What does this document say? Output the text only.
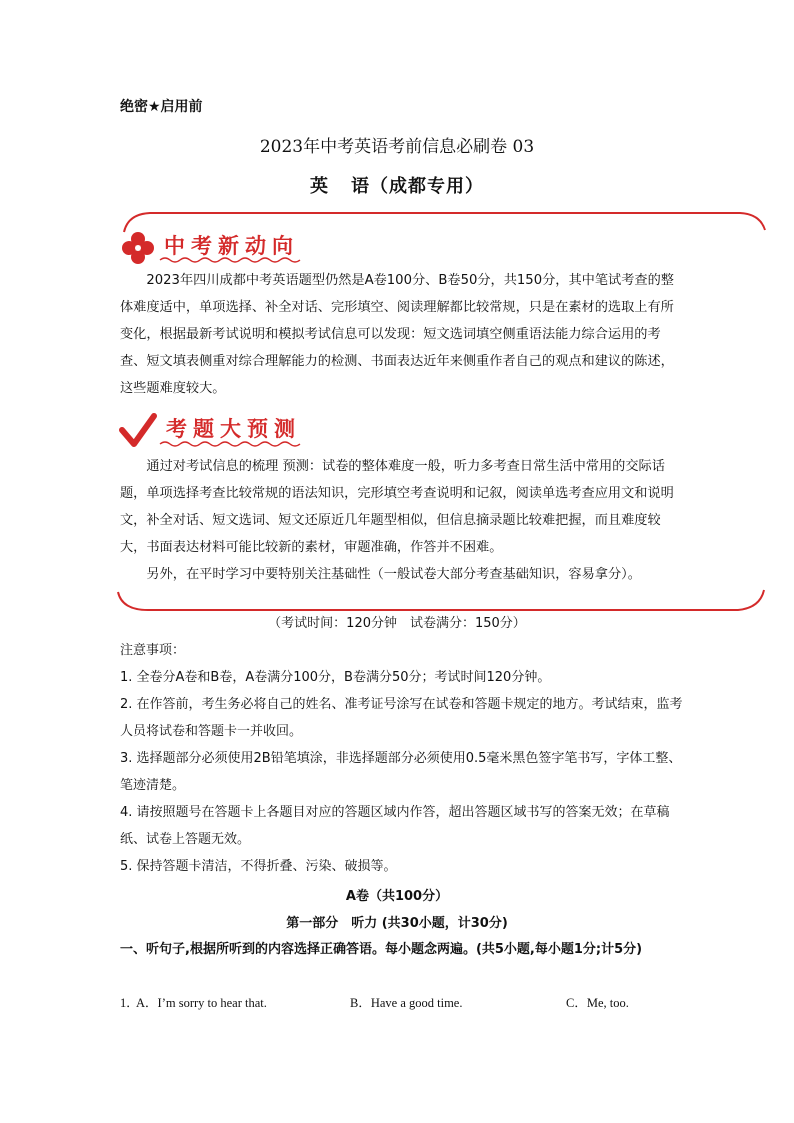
绝密★启用前
2023年中考英语考前信息必刷卷 03
英 语（成都专用）
中考新动向

2023年四川成都中考英语题型仍然是A卷100分、B卷50分，共150分，其中笔试考查的整体难度适中，单项选择、补全对话、完形填空、阅读理解都比较常规，只是在素材的选取上有所变化，根据最新考试说明和模拟考试信息可以发现：短文选词填空侧重语法能力综合运用的考查、短文填表侧重对综合理解能力的检测、书面表达近年来侧重作者自己的观点和建议的陈述，这些题难度较大。

考题大预测

通过对考试信息的梳理 预测：试卷的整体难度一般，听力多考查日常生活中常用的交际话题，单项选择考查比较常规的语法知识，完形填空考查说明和记叙，阅读单选考查应用文和说明文，补全对话、短文选词、短文还原近几年题型相似，但信息摘录题比较难把握，而且难度较大，书面表达材料可能比较新的素材，审题准确，作答并不困难。

另外，在平时学习中要特别关注基础性（一般试卷大部分考查基础知识，容易拿分）。

（考试时间：120分钟　试卷满分：150分）
注意事项：
1. 全卷分A卷和B卷，A卷满分100分，B卷满分50分；考试时间120分钟。
2. 在作答前，考生务必将自己的姓名、准考证号涂写在试卷和答题卡规定的地方。考试结束，监考人员将试卷和答题卡一并收回。
3. 选择题部分必须使用2B铅笔填涂，非选择题部分必须使用0.5毫米黑色签字笔书写，字体工整、笔迹清楚。
4. 请按照题号在答题卡上各题目对应的答题区域内作答，超出答题区域书写的答案无效；在草稿纸、试卷上答题无效。
5. 保持答题卡清洁，不得折叠、污染、破损等。
A卷（共100分）
第一部分　听力 (共30小题，计30分)
一、听句子,根据所听到的内容选择正确答语。每小题念两遍。(共5小题,每小题1分;计5分)
1．
A．I’m sorry to hear that.	B．Have a good time.	C．Me, too.
